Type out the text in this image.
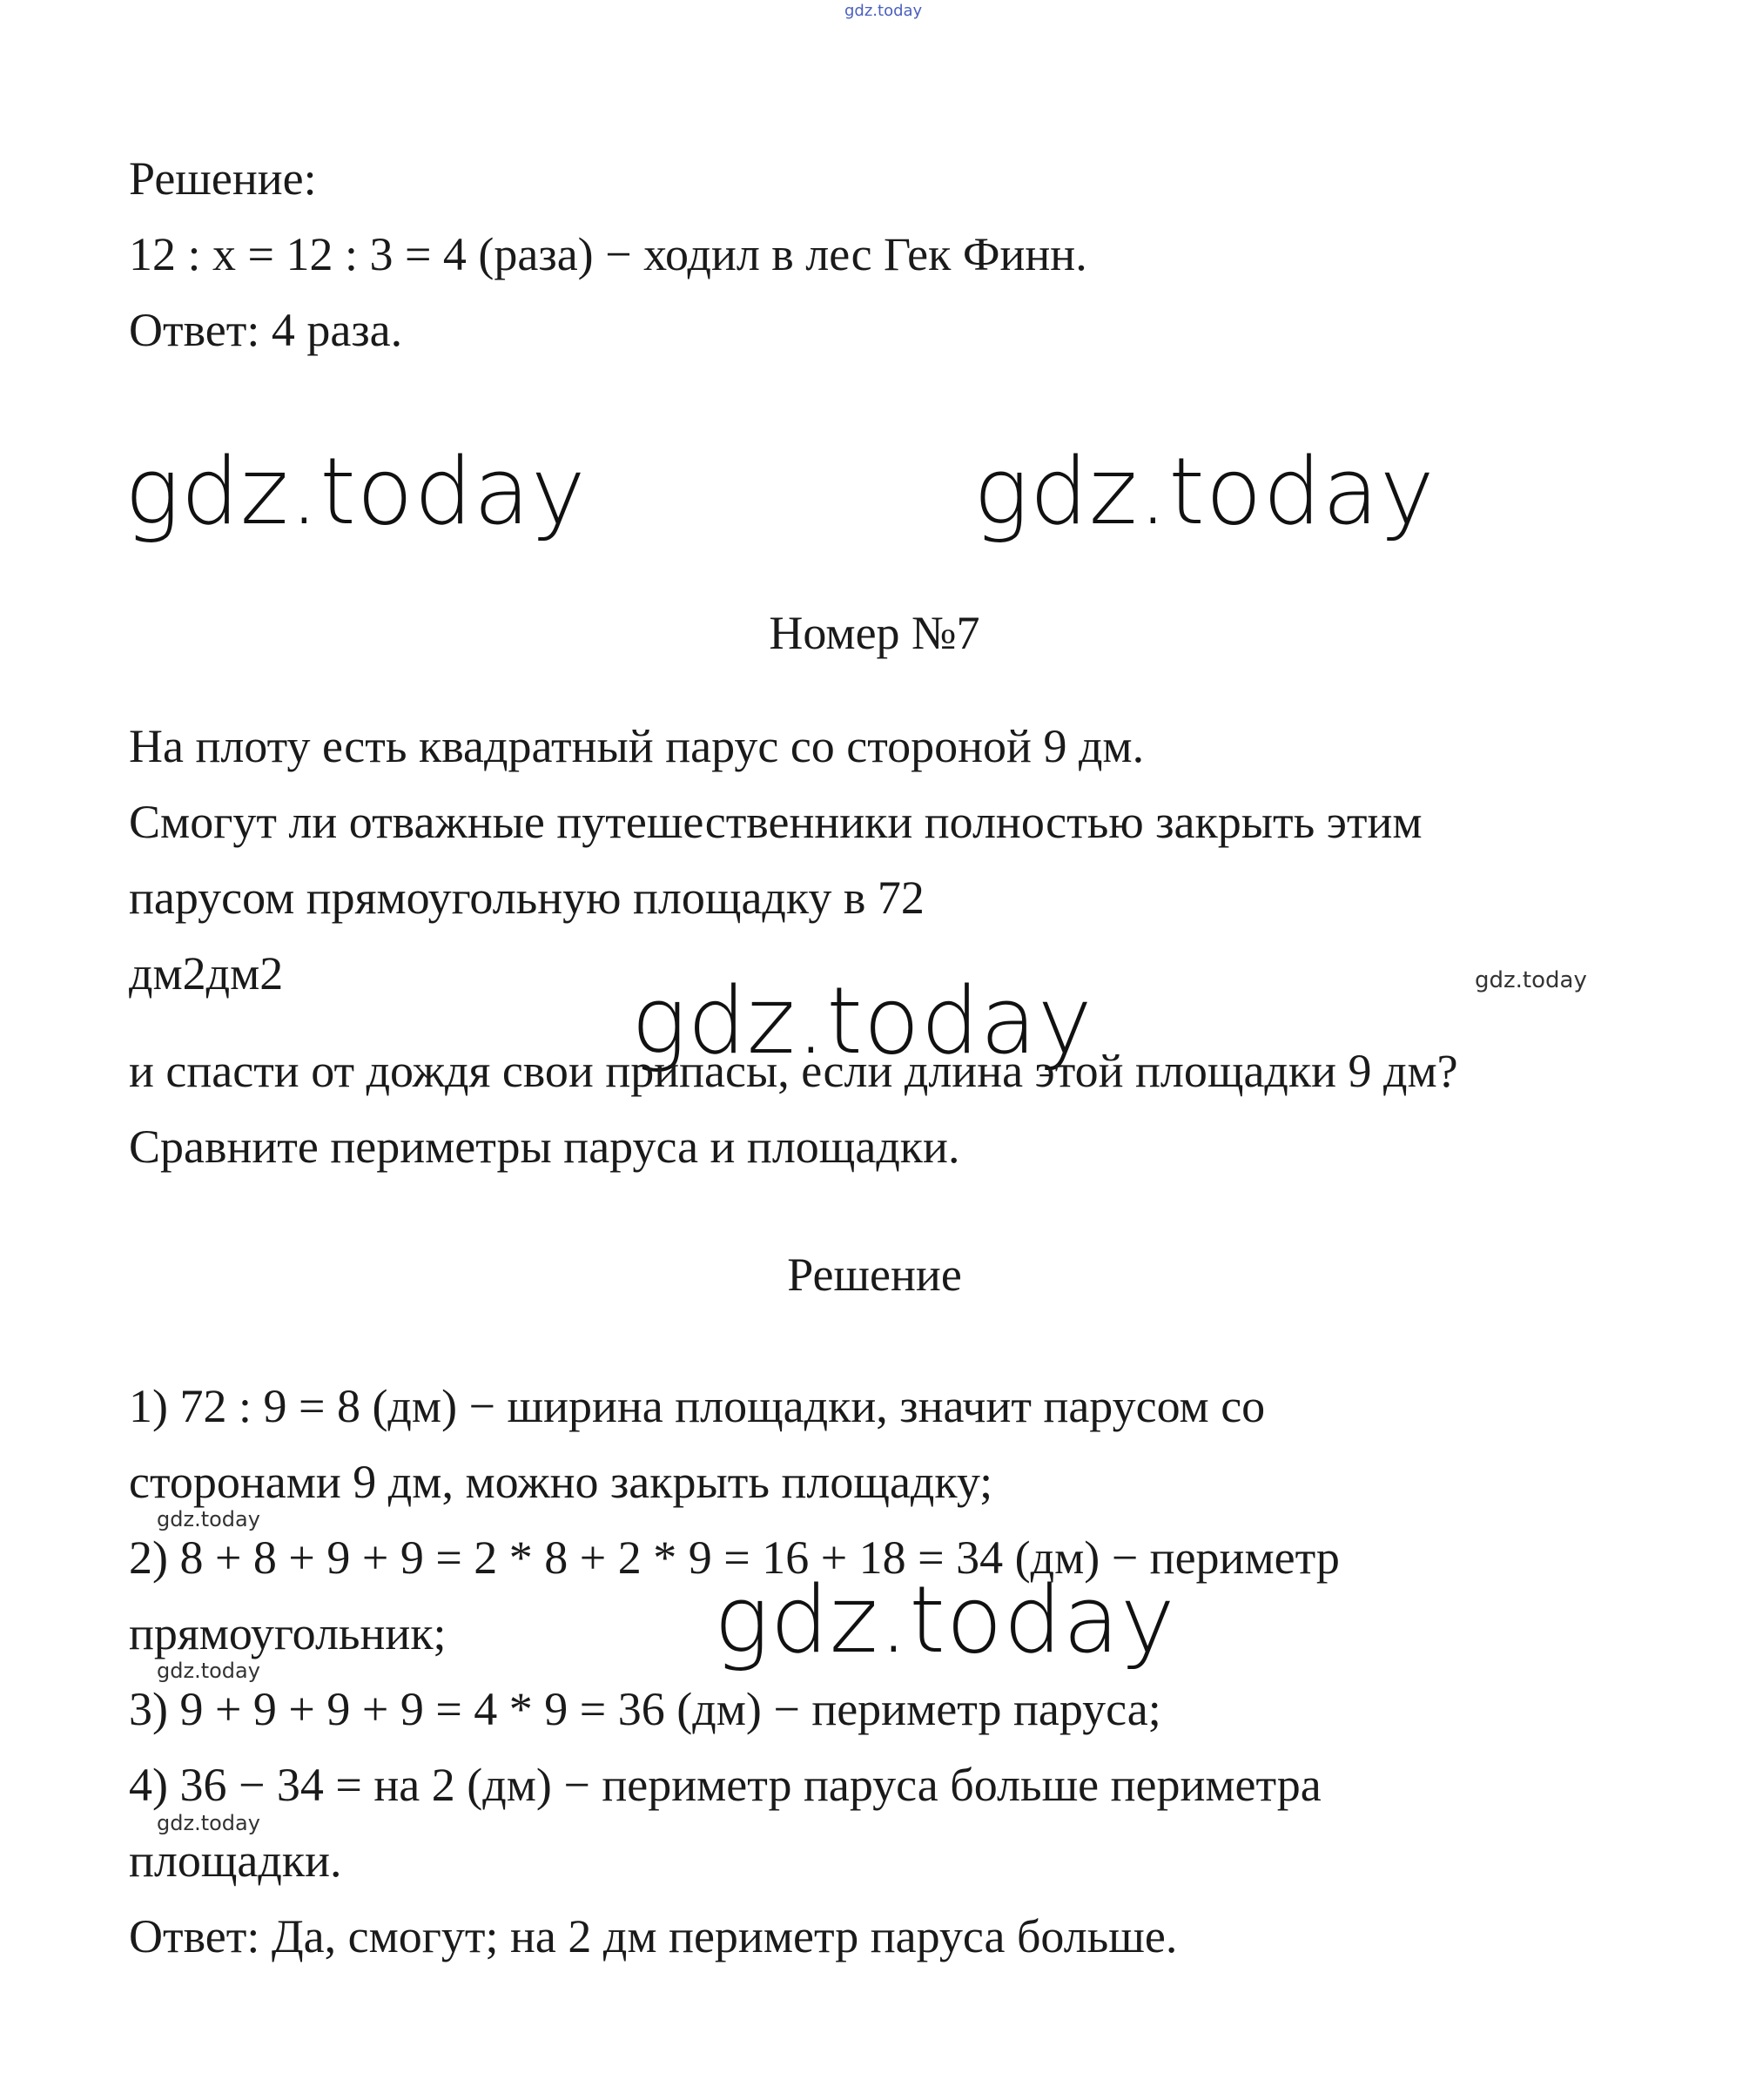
gdz.today
Решение:
12 : x = 12 : 3 = 4 (раза) − ходил в лес Гек Финн.
Ответ: 4 раза.
gdz.today	gdz.today
Номер №7
На плоту есть квадратный парус со стороной 9 дм.
Смогут ли отважные путешественники полностью закрыть этим
парусом прямоугольную площадку в 72
дм2дм2	gdz.today	gdz.today
и спасти от дождя свои припасы, если длина этой площадки 9 дм?
Сравните периметры паруса и площадки.
Решение
1) 72 : 9 = 8 (дм) − ширина площадки, значит парусом со
сторонами 9 дм, можно закрыть площадку;
gdz.today
2) 8 + 8 + 9 + 9 = 2 * 8 + 2 * 9 = 16 + 18 = 34 (дм) − периметр
gdz.today
прямоугольник;
gdz.today
3) 9 + 9 + 9 + 9 = 4 * 9 = 36 (дм) − периметр паруса;
4) 36 − 34 = на 2 (дм) − периметр паруса больше периметра
gdz.today
площадки.
Ответ: Да, смогут; на 2 дм периметр паруса больше.
